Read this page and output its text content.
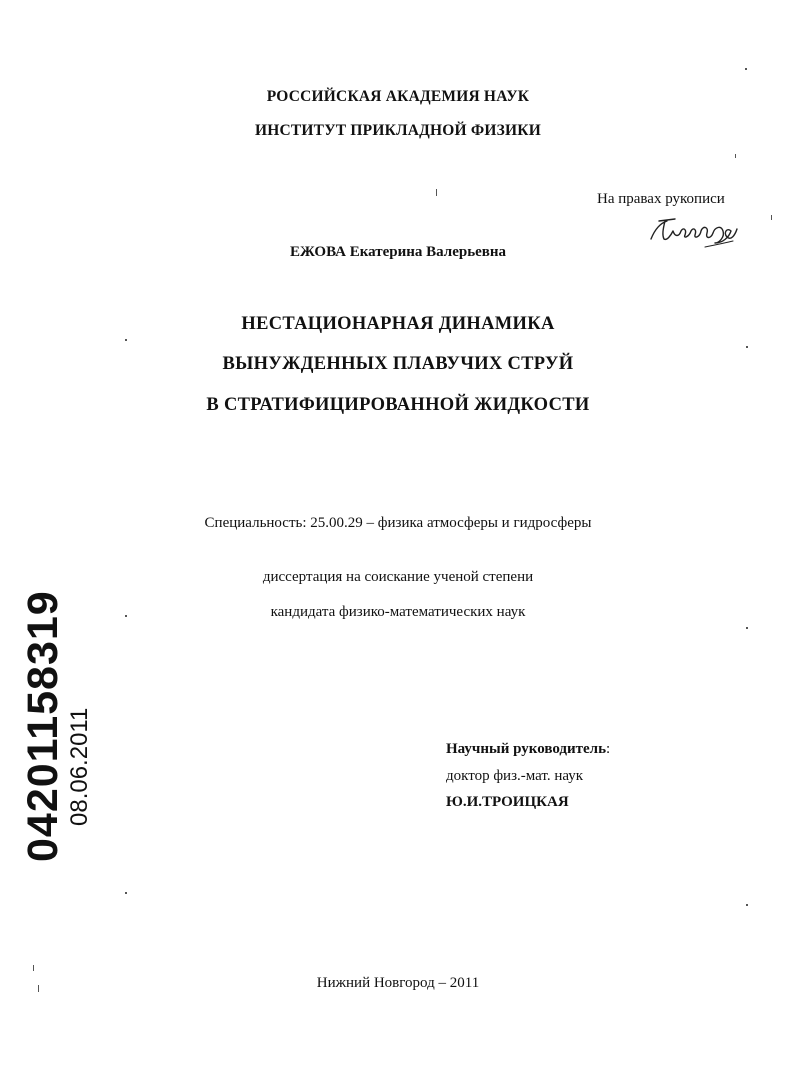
РОССИЙСКАЯ АКАДЕМИЯ НАУК
ИНСТИТУТ ПРИКЛАДНОЙ ФИЗИКИ
На правах рукописи
ЕЖОВА Екатерина Валерьевна
НЕСТАЦИОНАРНАЯ ДИНАМИКА
ВЫНУЖДЕННЫХ ПЛАВУЧИХ СТРУЙ
В СТРАТИФИЦИРОВАННОЙ ЖИДКОСТИ
Специальность: 25.00.29 – физика атмосферы и гидросферы
диссертация на соискание ученой степени
кандидата физико-математических наук
Научный руководитель:
доктор физ.-мат. наук
Ю.И.ТРОИЦКАЯ
04201158319 08.06.2011
Нижний Новгород – 2011
